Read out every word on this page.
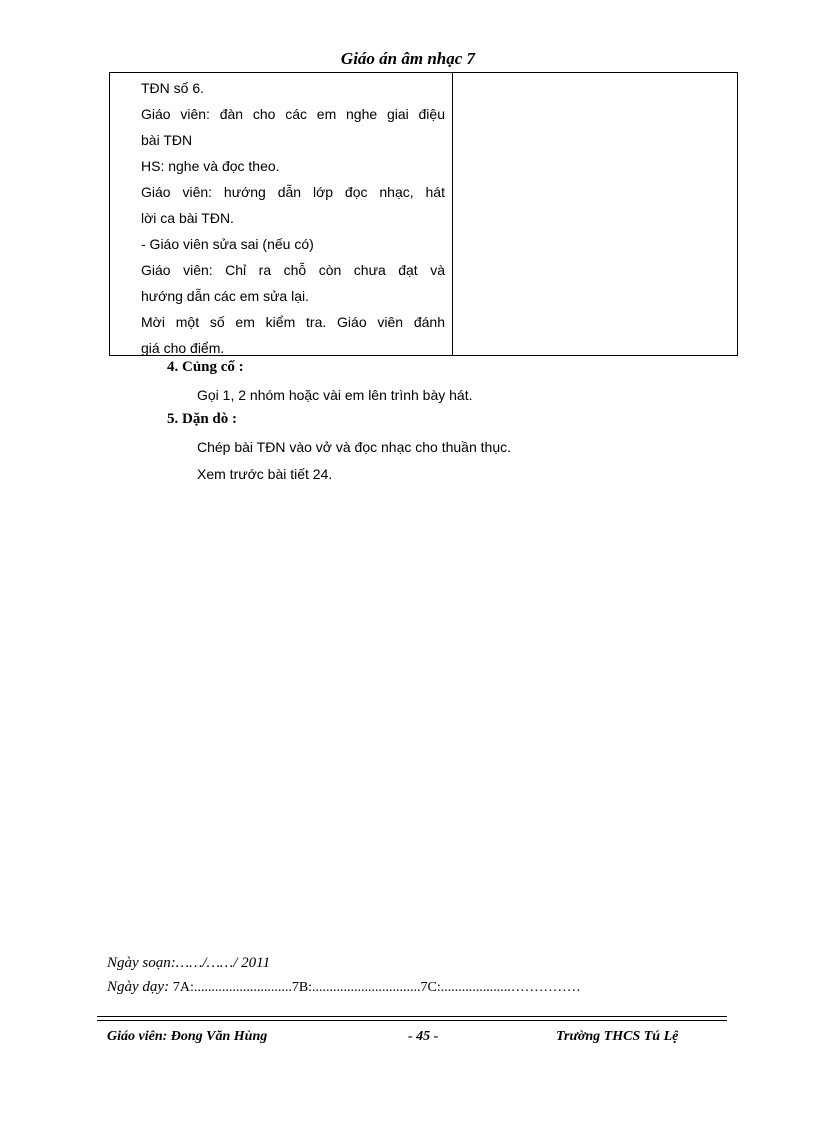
Giáo án âm nhạc 7
TĐN số 6.
Giáo viên: đàn cho các em nghe giai điệu
bài TĐN
HS: nghe và đọc theo.
Giáo viên: hướng dẫn lớp đọc nhạc, hát
lời ca bài TĐN.
- Giáo viên sửa sai (nếu có)
Giáo viên: Chỉ ra chỗ còn chưa đạt và
hướng dẫn các em sửa lại.
Mời một số em kiểm tra. Giáo viên đánh
giá cho điểm.
4. Củng cố :
Gọi 1, 2 nhóm hoặc vài em lên trình bày hát.
5. Dặn dò :
Chép bài TĐN vào vở và đọc nhạc cho thuần thục.
Xem trước bài tiết 24.
Ngày soạn:……/……/ 2011
Ngày dạy: 7A:............................7B:...............................7C:....................……………
Giáo viên: Đong Văn Hùng	- 45 -	Trường THCS Tú Lệ
